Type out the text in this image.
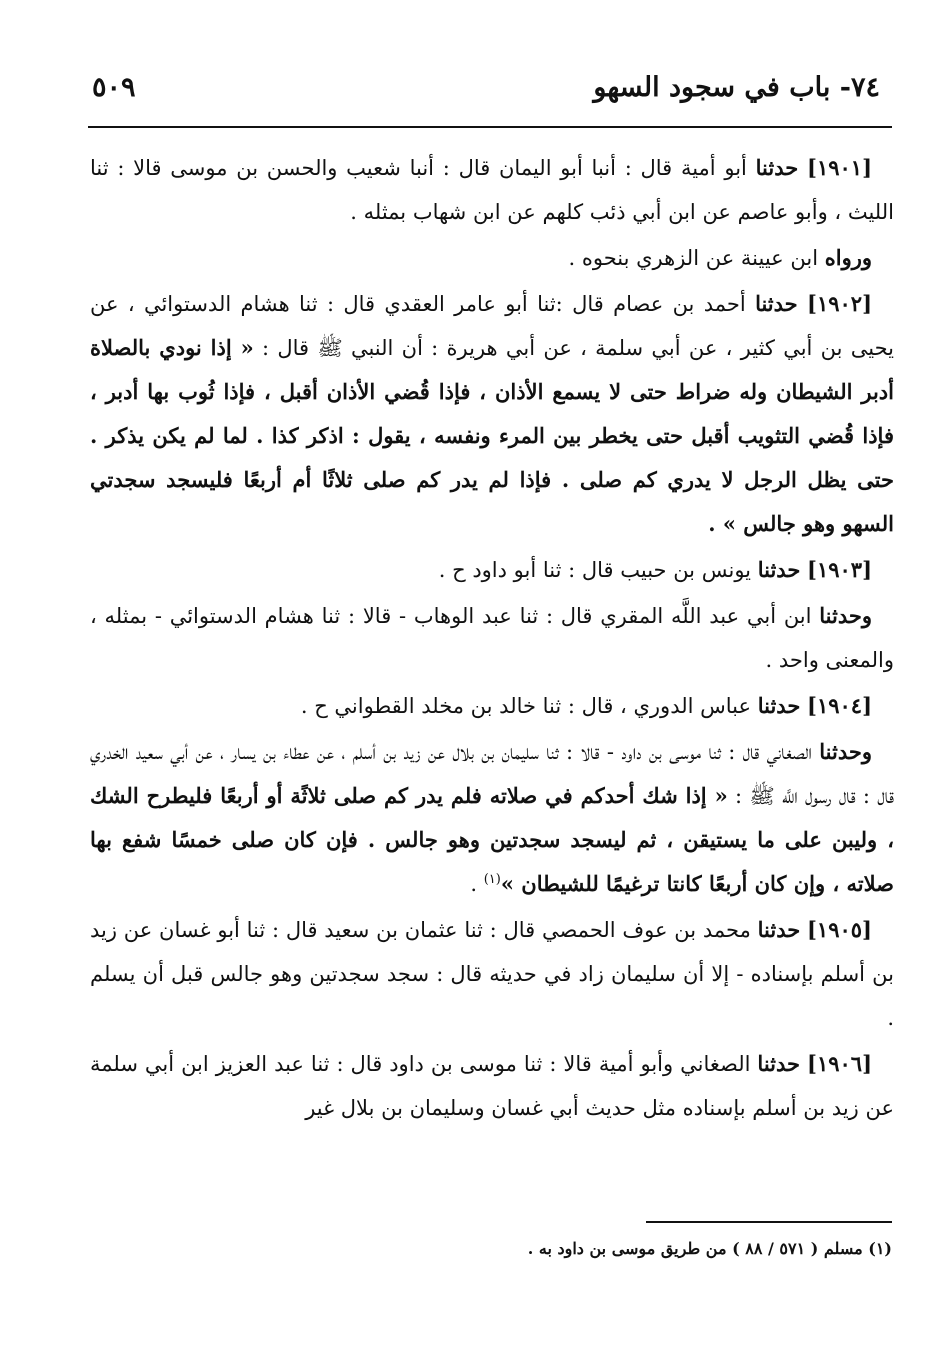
٧٤- باب في سجود السهو
٥٠٩

[١٩٠١] حدثنا أبو أمية قال : أنبا أبو اليمان قال : أنبا شعيب والحسن بن موسى قالا : ثنا الليث ، وأبو عاصم عن ابن أبي ذئب كلهم عن ابن شهاب بمثله .

ورواه ابن عيينة عن الزهري بنحوه .

[١٩٠٢] حدثنا أحمد بن عصام قال :ثنا أبو عامر العقدي قال : ثنا هشام الدستوائي ، عن يحيى بن أبي كثير ، عن أبي سلمة ، عن أبي هريرة : أن النبي ﷺ قال : « إذا نودي بالصلاة أدبر الشيطان وله ضراط حتى لا يسمع الأذان ، فإذا قُضي الأذان أقبل ، فإذا ثُوب بها أدبر ، فإذا قُضي التثويب أقبل حتى يخطر بين المرء ونفسه ، يقول : اذكر كذا . لما لم يكن يذكر . حتى يظل الرجل لا يدري كم صلى . فإذا لم يدر كم صلى ثلاثًا أم أربعًا فليسجد سجدتي السهو وهو جالس » .

[١٩٠٣] حدثنا يونس بن حبيب قال : ثنا أبو داود ح .

وحدثنا ابن أبي عبد اللَّه المقري قال : ثنا عبد الوهاب - قالا : ثنا هشام الدستوائي - بمثله ، والمعنى واحد .

[١٩٠٤] حدثنا عباس الدوري ، قال : ثنا خالد بن مخلد القطواني ح .

وحدثنا الصغاني قال : ثنا موسى بن داود - قالا : ثنا سليمان بن بلال عن زيد بن أسلم ، عن عطاء بن يسار ، عن أبي سعيد الخدري قال : قال رسول اللَّه ﷺ : « إذا شك أحدكم في صلاته فلم يدر كم صلى ثلاثًة أو أربعًا فليطرح الشك ، وليبن على ما يستيقن ، ثم ليسجد سجدتين وهو جالس . فإن كان صلى خمسًا شفع بها صلاته ، وإن كان أربعًا كانتا ترغيمًا للشيطان »$^{(١)}$ .

[١٩٠٥] حدثنا محمد بن عوف الحمصي قال : ثنا عثمان بن سعيد قال : ثنا أبو غسان عن زيد بن أسلم بإسناده - إلا أن سليمان زاد في حديثه قال : سجد سجدتين وهو جالس قبل أن يسلم .

[١٩٠٦] حدثنا الصغاني وأبو أمية قالا : ثنا موسى بن داود قال : ثنا عبد العزيز ابن أبي سلمة عن زيد بن أسلم بإسناده مثل حديث أبي غسان وسليمان بن بلال غير

(١) مسلم ( ٥٧١ / ٨٨ ) من طريق موسى بن داود به .
